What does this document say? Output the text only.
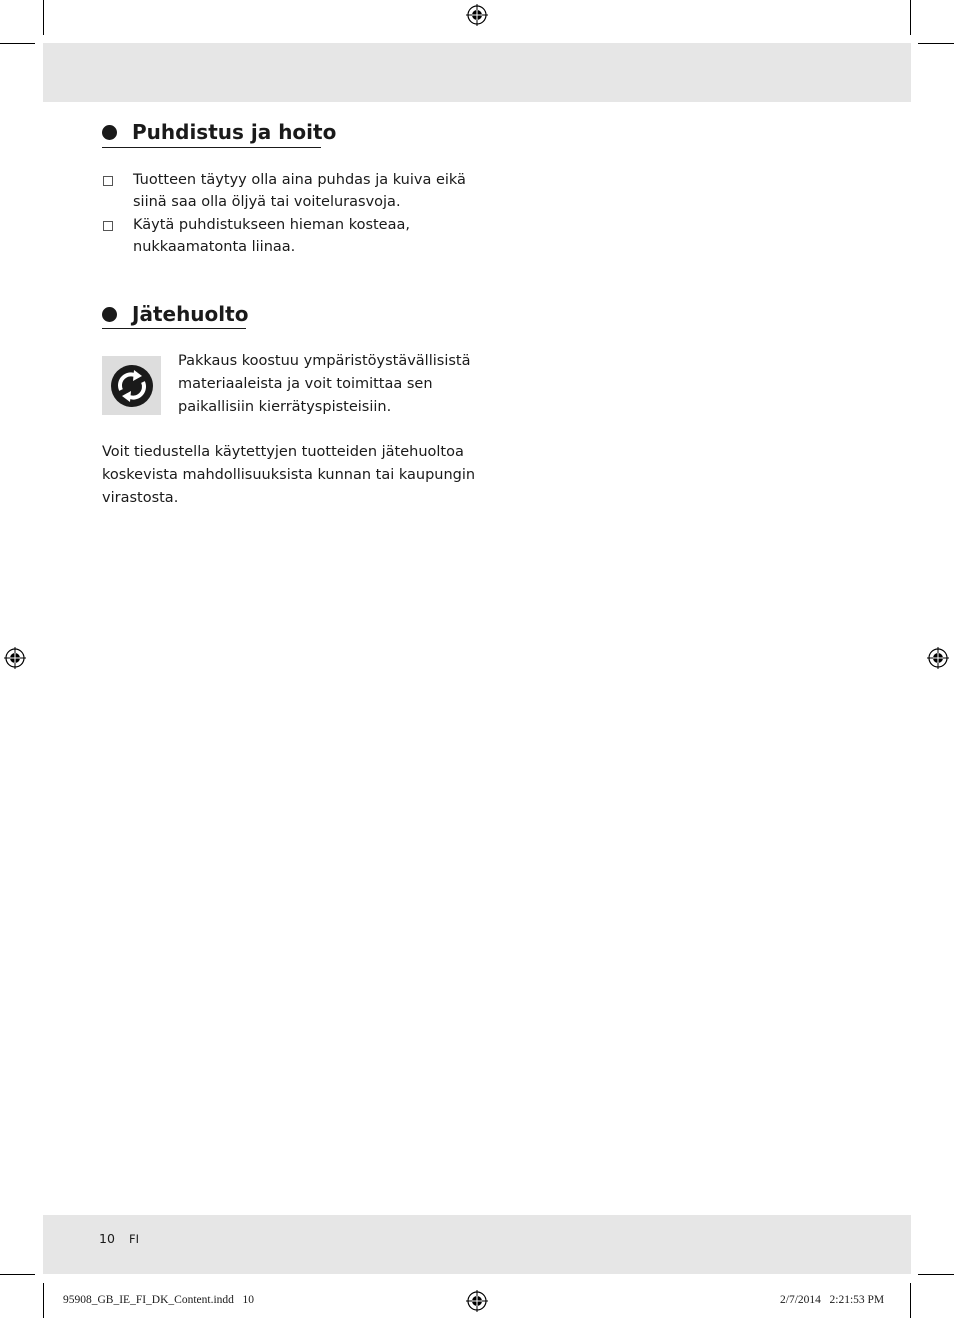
Puhdistus ja hoito
Tuotteen täytyy olla aina puhdas ja kuiva eikä
siinä saa olla öljyä tai voitelurasvoja.
Käytä puhdistukseen hieman kosteaa,
nukkaamatonta liinaa.
Jätehuolto

Pakkaus koostuu ympäristöystävällisistä
materiaaleista ja voit toimittaa sen
paikallisiin kierrätyspisteisiin.

Voit tiedustella käytettyjen tuotteiden jätehuoltoa
koskevista mahdollisuuksista kunnan tai kaupungin
virastosta.

10 FI
95908_GB_IE_FI_DK_Content.indd   10	2/7/2014   2:21:53 PM
